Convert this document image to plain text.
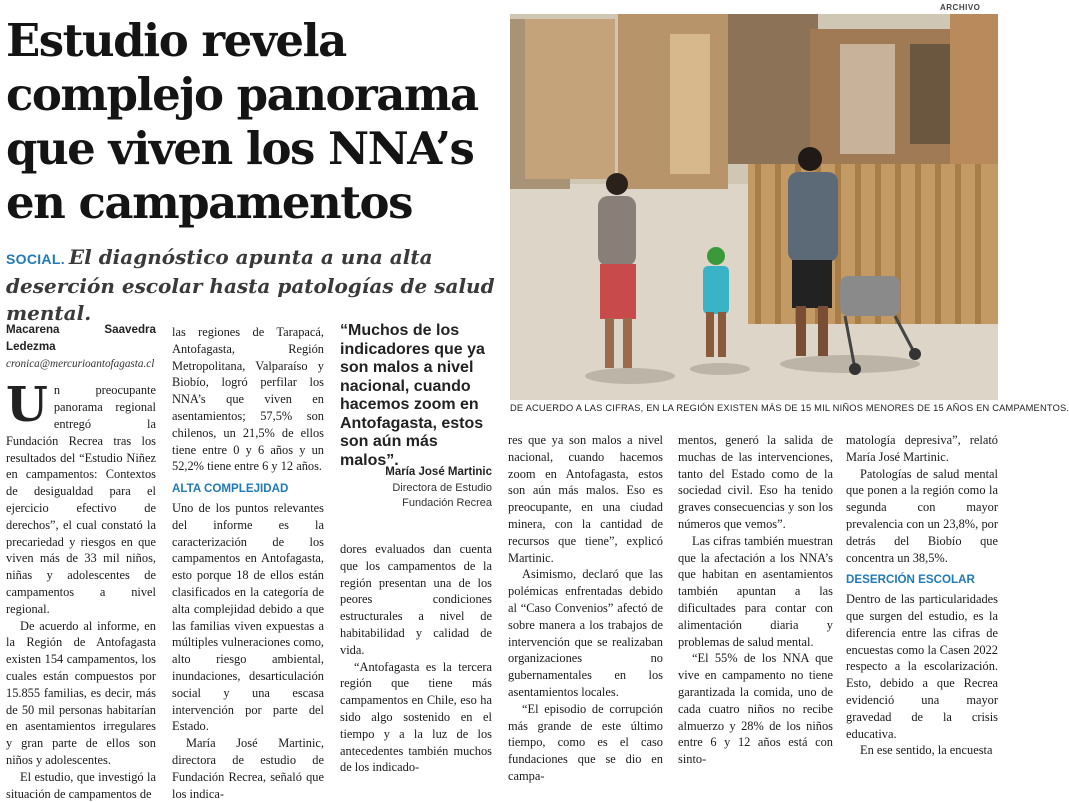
Estudio revela complejo panorama que viven los NNA’s en campamentos
SOCIAL. El diagnóstico apunta a una alta deserción escolar hasta patologías de salud mental.
ARCHIVO
DE ACUERDO A LAS CIFRAS, EN LA REGIÓN EXISTEN MÁS DE 15 MIL NIÑOS MENORES DE 15 AÑOS EN CAMPAMENTOS.
Macarena Saavedra Ledezma
cronica@mercurioantofagasta.cl

Un preocupante panorama regional entregó la Fundación Recrea tras los resultados del “Estudio Niñez en campamentos: Contextos de desigualdad para el ejercicio efectivo de derechos”, el cual constató la precariedad y riesgos en que viven más de 33 mil niños, niñas y adolescentes de campamentos a nivel regional.

De acuerdo al informe, en la Región de Antofagasta existen 154 campamentos, los cuales están compuestos por 15.855 familias, es decir, más de 50 mil personas habitarían en asentamientos irregulares y gran parte de ellos son niños y adolescentes.

El estudio, que investigó la situación de campamentos de

las regiones de Tarapacá, Antofagasta, Región Metropolitana, Valparaíso y Biobío, logró perfilar los NNA’s que viven en asentamientos; 57,5% son chilenos, un 21,5% de ellos tiene entre 0 y 6 años y un 52,2% tiene entre 6 y 12 años.

ALTA COMPLEJIDAD

Uno de los puntos relevantes del informe es la caracterización de los campamentos en Antofagasta, esto porque 18 de ellos están clasificados en la categoría de alta complejidad debido a que las familias viven expuestas a múltiples vulneraciones como, alto riesgo ambiental, inundaciones, desarticulación social y una escasa intervención por parte del Estado.

María José Martinic, directora de estudio de Fundación Recrea, señaló que los indica-

“Muchos de los indicadores que ya son malos a nivel nacional, cuando hacemos zoom en Antofagasta, estos son aún más malos”.
María José Martinic
Directora de Estudio
Fundación Recrea

dores evaluados dan cuenta que los campamentos de la región presentan una de los peores condiciones estructurales a nivel de habitabilidad y calidad de vida.

“Antofagasta es la tercera región que tiene más campamentos en Chile, eso ha sido algo sostenido en el tiempo y a la luz de los antecedentes también muchos de los indicado-

res que ya son malos a nivel nacional, cuando hacemos zoom en Antofagasta, estos son aún más malos. Eso es preocupante, en una ciudad minera, con la cantidad de recursos que tiene”, explicó Martinic.

Asimismo, declaró que las polémicas enfrentadas debido al “Caso Convenios” afectó de sobre manera a los trabajos de intervención que se realizaban organizaciones no gubernamentales en los asentamientos locales.

“El episodio de corrupción más grande de este último tiempo, como es el caso fundaciones que se dio en campa-

mentos, generó la salida de muchas de las intervenciones, tanto del Estado como de la sociedad civil. Eso ha tenido graves consecuencias y son los números que vemos”.

Las cifras también muestran que la afectación a los NNA’s que habitan en asentamientos también apuntan a las dificultades para contar con alimentación diaria y problemas de salud mental.

“El 55% de los NNA que vive en campamento no tiene garantizada la comida, uno de cada cuatro niños no recibe almuerzo y 28% de los niños entre 6 y 12 años está con sinto-

matología depresiva”, relató María José Martinic.

Patologías de salud mental que ponen a la región como la segunda con mayor prevalencia con un 23,8%, por detrás del Biobío que concentra un 38,5%.

DESERCIÓN ESCOLAR

Dentro de las particularidades que surgen del estudio, es la diferencia entre las cifras de encuestas como la Casen 2022 respecto a la escolarización. Esto, debido a que Recrea evidenció una mayor gravedad de la crisis educativa.

En ese sentido, la encuesta
